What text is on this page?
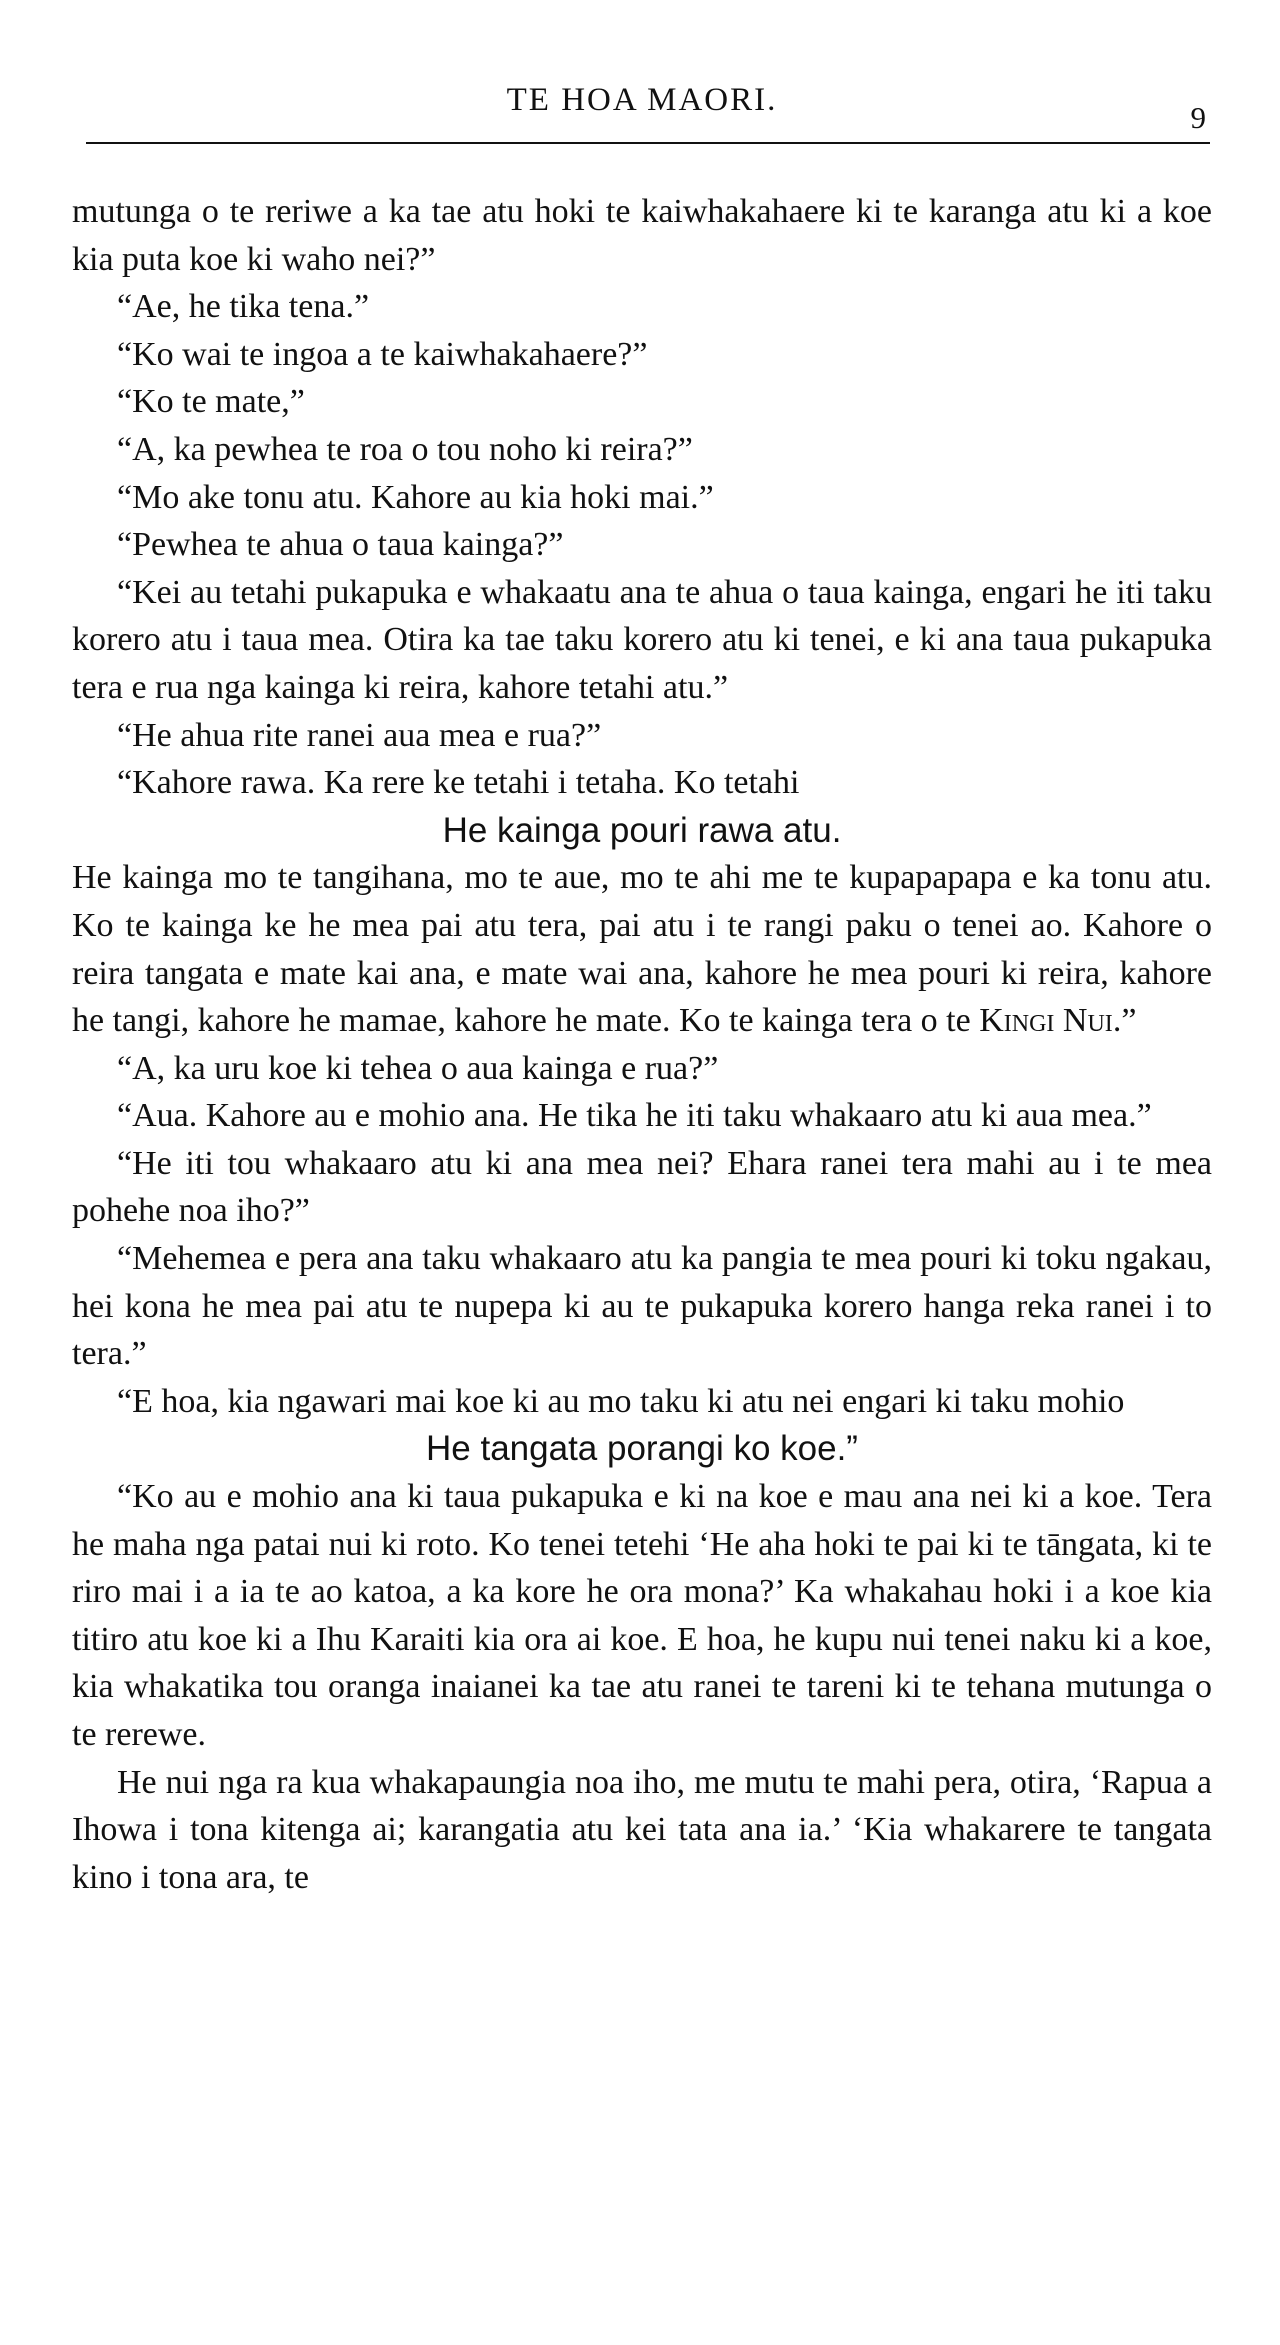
TE HOA MAORI.	9

mutunga o te reriwe a ka tae atu hoki te kaiwhakahaere ki te karanga atu ki a koe kia puta koe ki waho nei?”

“Ae, he tika tena.”

“Ko wai te ingoa a te kaiwhakahaere?”

“Ko te mate,”

“A, ka pewhea te roa o tou noho ki reira?”

“Mo ake tonu atu. Kahore au kia hoki mai.”

“Pewhea te ahua o taua kainga?”

“Kei au tetahi pukapuka e whakaatu ana te ahua o taua kainga, engari he iti taku korero atu i taua mea. Otira ka tae taku korero atu ki tenei, e ki ana taua pukapuka tera e rua nga kainga ki reira, kahore tetahi atu.”

“He ahua rite ranei aua mea e rua?”

“Kahore rawa. Ka rere ke tetahi i tetaha. Ko tetahi

He kainga pouri rawa atu.

He kainga mo te tangihana, mo te aue, mo te ahi me te kupapapapa e ka tonu atu. Ko te kainga ke he mea pai atu tera, pai atu i te rangi paku o tenei ao. Kahore o reira tangata e mate kai ana, e mate wai ana, kahore he mea pouri ki reira, kahore he tangi, kahore he mamae, kahore he mate. Ko te kainga tera o te Kingi Nui.”

“A, ka uru koe ki tehea o aua kainga e rua?”

“Aua. Kahore au e mohio ana. He tika he iti taku whakaaro atu ki aua mea.”

“He iti tou whakaaro atu ki ana mea nei? Ehara ranei tera mahi au i te mea pohehe noa iho?”

“Mehemea e pera ana taku whakaaro atu ka pangia te mea pouri ki toku ngakau, hei kona he mea pai atu te nupepa ki au te pukapuka korero hanga reka ranei i to tera.”

“E hoa, kia ngawari mai koe ki au mo taku ki atu nei engari ki taku mohio

He tangata porangi ko koe.”

“Ko au e mohio ana ki taua pukapuka e ki na koe e mau ana nei ki a koe. Tera he maha nga patai nui ki roto. Ko tenei tetehi ‘He aha hoki te pai ki te tāngata, ki te riro mai i a ia te ao katoa, a ka kore he ora mona?’ Ka whakahau hoki i a koe kia titiro atu koe ki a Ihu Karaiti kia ora ai koe. E hoa, he kupu nui tenei naku ki a koe, kia whakatika tou oranga inaianei ka tae atu ranei te tareni ki te tehana mutunga o te rerewe.

He nui nga ra kua whakapaungia noa iho, me mutu te mahi pera, otira, ‘Rapua a Ihowa i tona kitenga ai; karangatia atu kei tata ana ia.’ ‘Kia whakarere te tangata kino i tona ara, te
